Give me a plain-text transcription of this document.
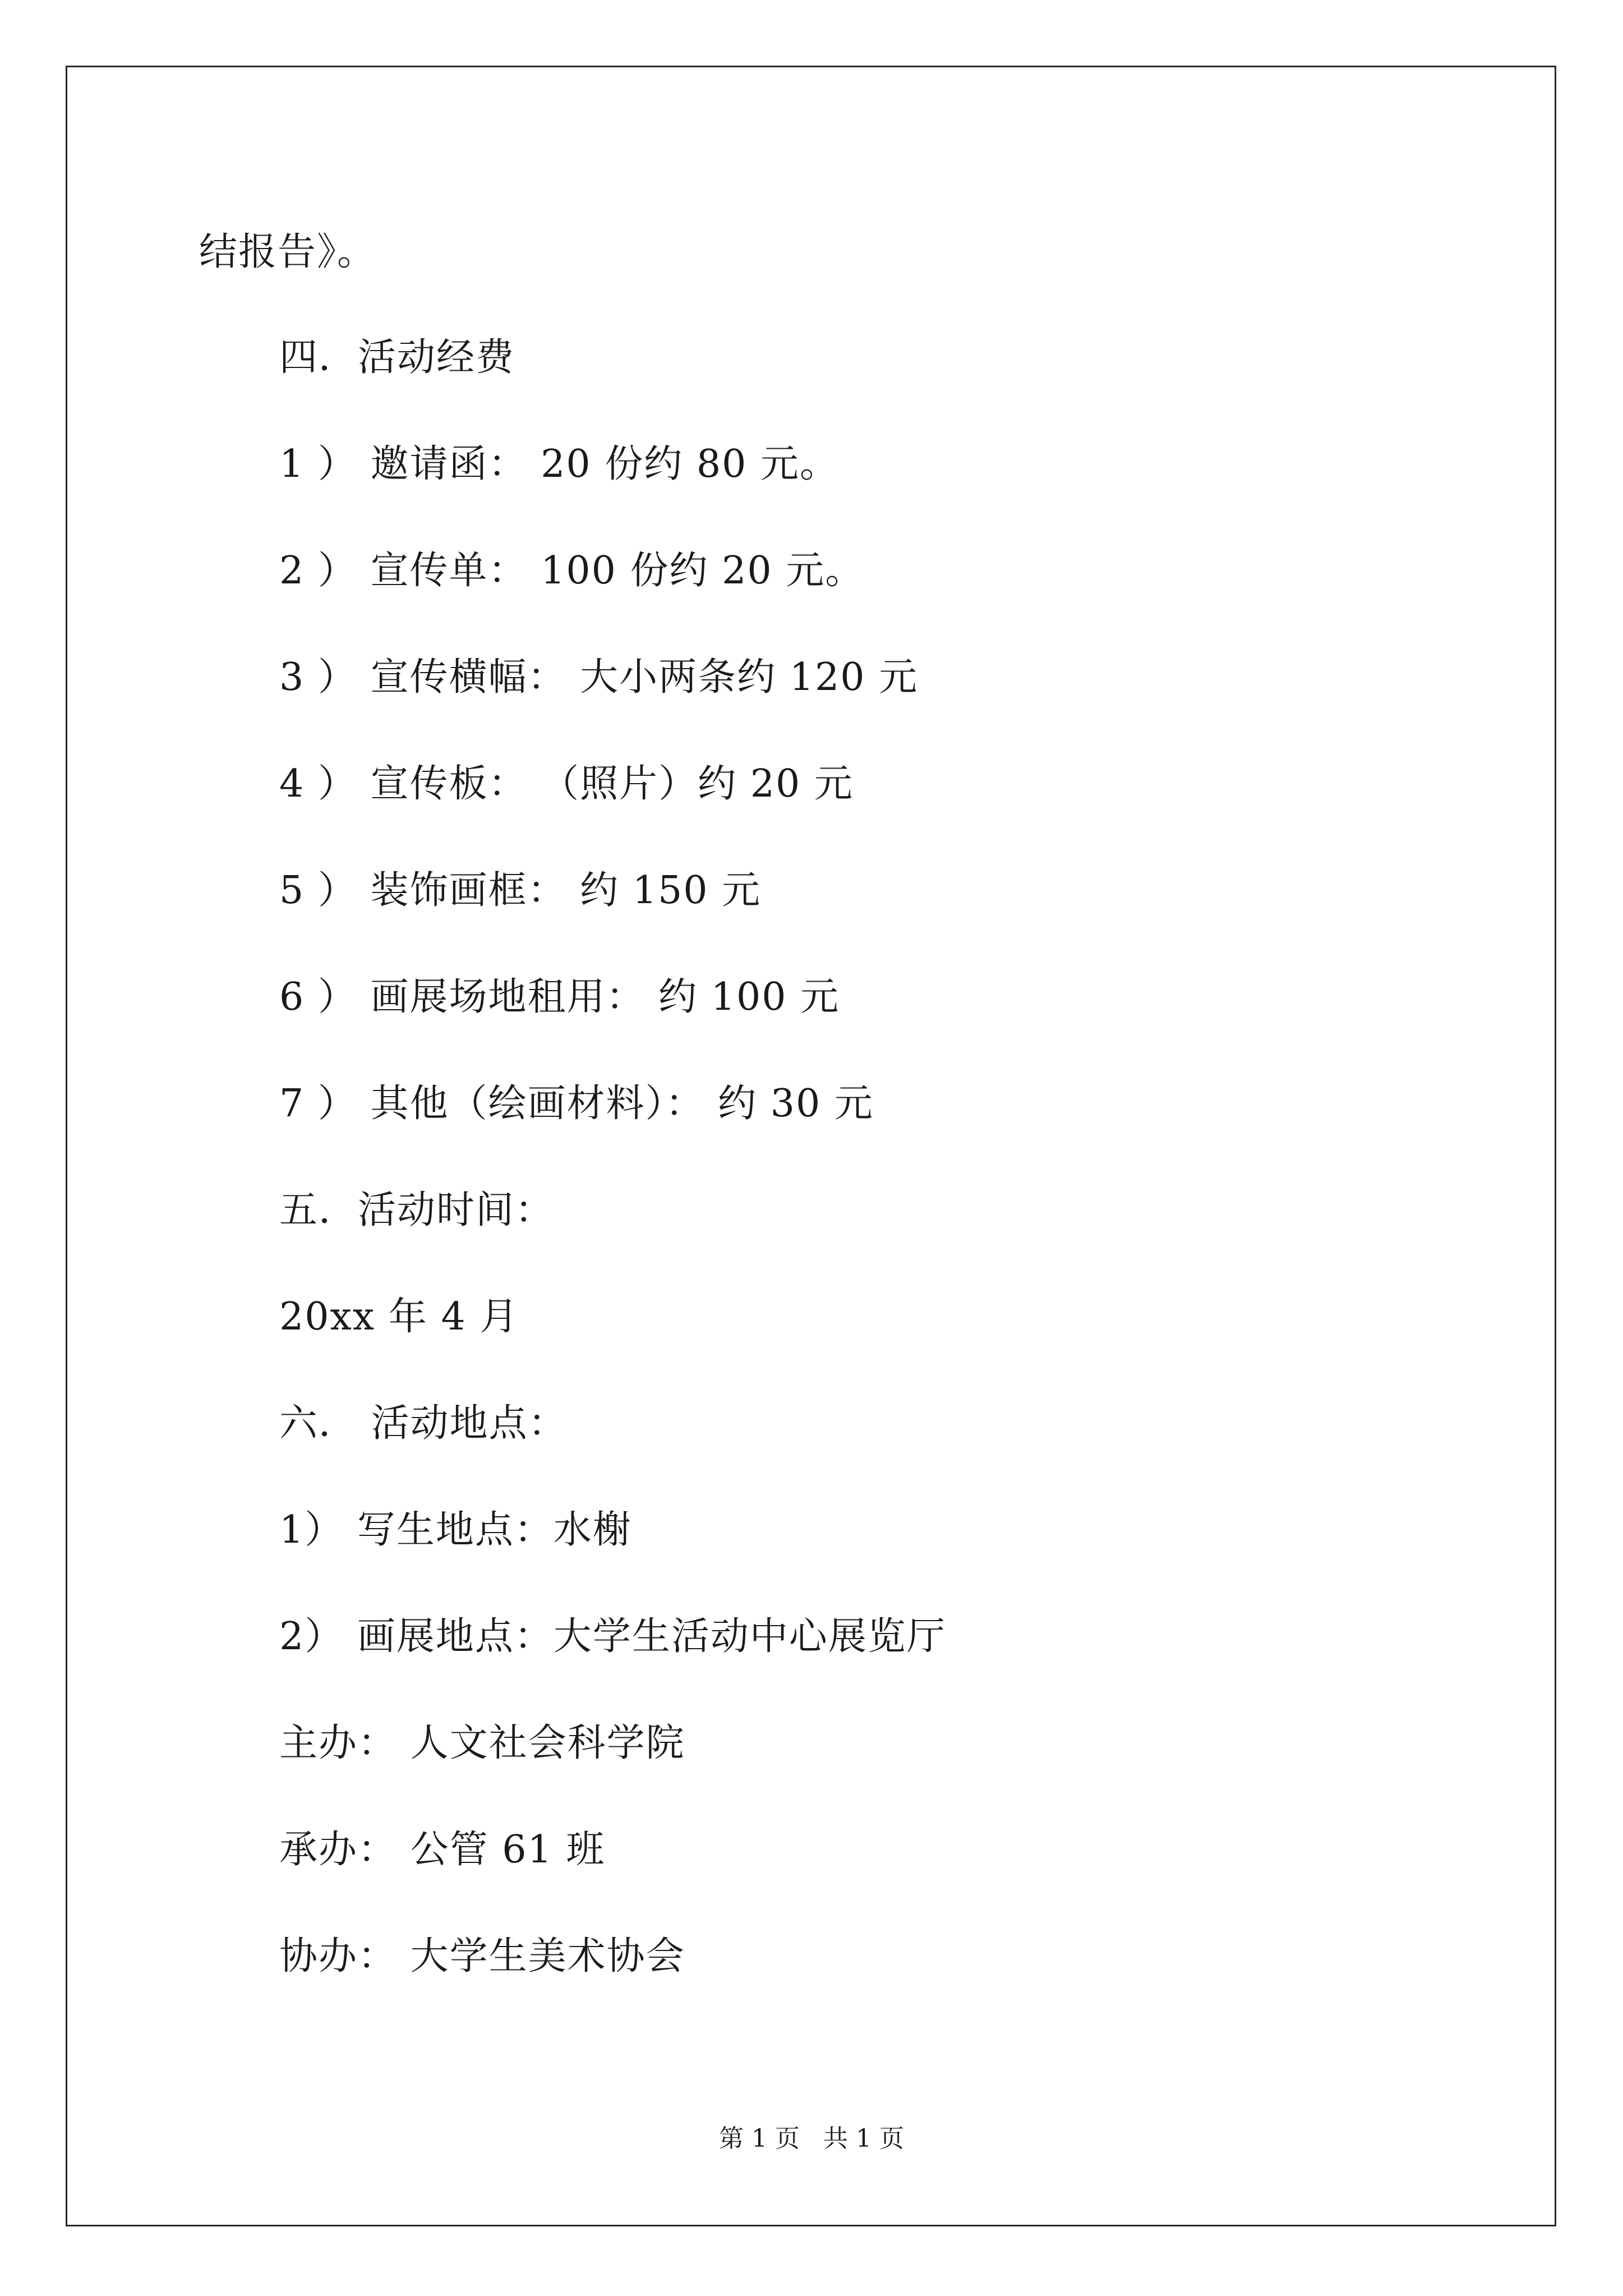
结报告》。
四．活动经费
1 ） 邀请函： 20 份约 80 元。
2 ） 宣传单： 100 份约 20 元。
3 ） 宣传横幅： 大小两条约 120 元
4 ） 宣传板： （照片）约 20 元
5 ） 装饰画框： 约 150 元
6 ） 画展场地租用： 约 100 元
7 ） 其他（绘画材料）： 约 30 元
五．活动时间：
20xx 年 4 月
六． 活动地点：
1） 写生地点：水榭
2） 画展地点：大学生活动中心展览厅
主办： 人文社会科学院
承办： 公管 61 班
协办： 大学生美术协会
第 1 页   共 1 页
